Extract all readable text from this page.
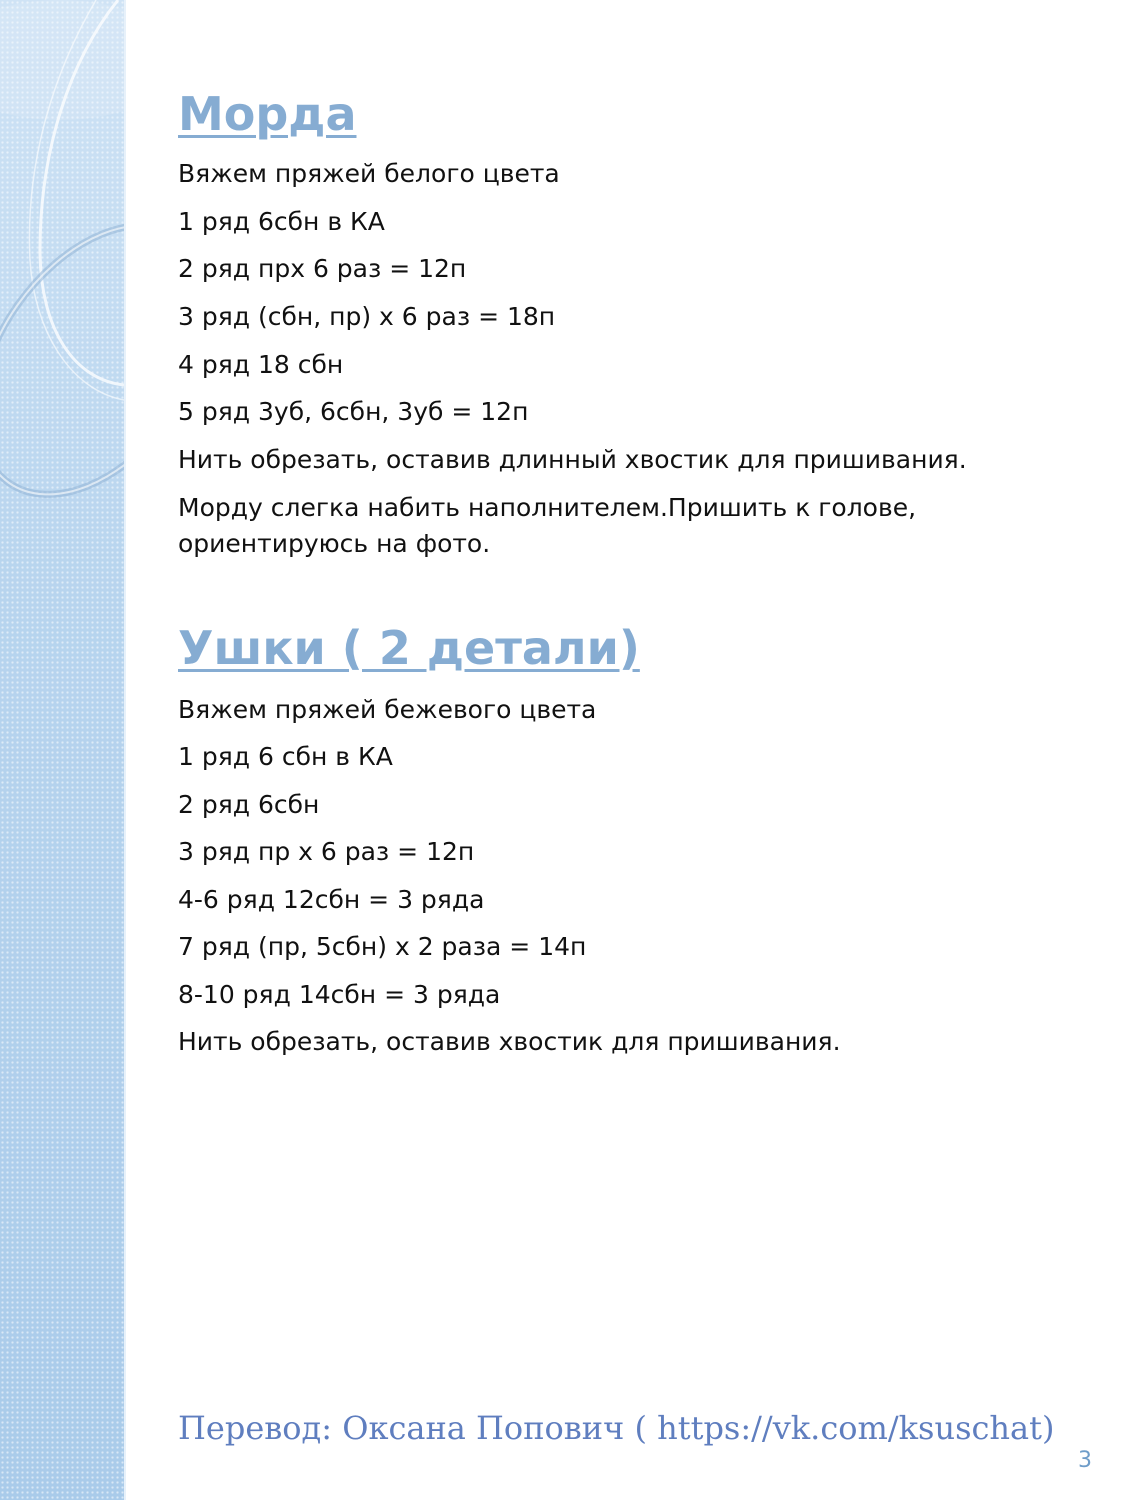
Морда

Вяжем пряжей белого цвета

1 ряд 6сбн в КА

2 ряд прх 6 раз = 12п

3 ряд (сбн, пр) х 6 раз = 18п

4 ряд 18 сбн

5 ряд 3уб, 6сбн, 3уб = 12п

Нить обрезать, оставив длинный хвостик для пришивания.

Морду слегка набить наполнителем.Пришить к голове, ориентируюсь на фото.

Ушки ( 2 детали)

Вяжем пряжей бежевого цвета

1 ряд 6 сбн в КА

2 ряд 6сбн

3 ряд пр х 6 раз = 12п

4-6 ряд 12сбн = 3 ряда

7 ряд (пр, 5сбн) х 2 раза = 14п

8-10 ряд 14сбн = 3 ряда

Нить обрезать, оставив хвостик для пришивания.

Перевод: Оксана Попович ( https://vk.com/ksuschat)

3
